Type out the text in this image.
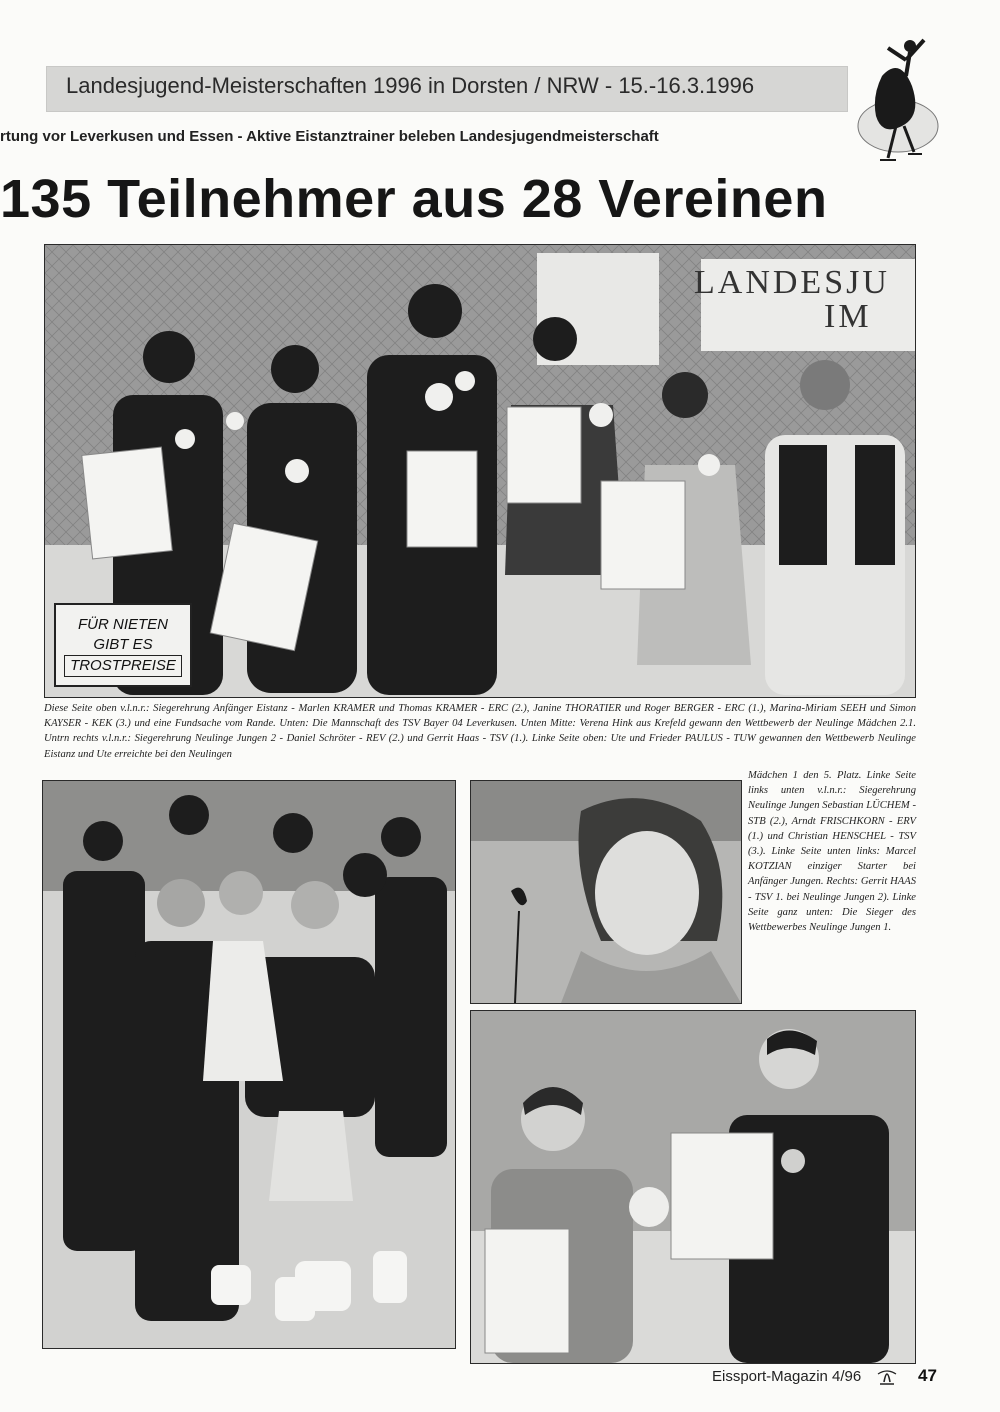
Landesjugend-Meisterschaften 1996 in Dorsten / NRW - 15.-16.3.1996
rtung vor Leverkusen und Essen - Aktive Eistanztrainer beleben Landesjugendmeisterschaft
135 Teilnehmer aus 28 Vereinen
LANDESJU
IM
FÜR NIETEN
GIBT ES
TROSTPREISE
Diese Seite oben v.l.n.r.: Siegerehrung Anfänger Eistanz - Marlen KRAMER und Thomas KRAMER - ERC (2.), Janine THORATIER und Roger BERGER - ERC (1.), Marina-Miriam SEEH und Simon KAYSER - KEK (3.) und eine Fundsache vom Rande. Unten: Die Mannschaft des TSV Bayer 04 Leverkusen. Unten Mitte: Verena Hink aus Krefeld gewann den Wettbewerb der Neulinge Mädchen 2.1. Untrn rechts v.l.n.r.: Siegerehrung Neulinge Jungen 2 - Daniel Schröter - REV (2.) und Gerrit Haas - TSV (1.). Linke Seite oben: Ute und Frieder PAULUS - TUW gewannen den Wettbewerb Neulinge Eistanz und Ute erreichte bei den Neulingen
Mädchen 1 den 5. Platz. Linke Seite links unten v.l.n.r.: Siegerehrung Neulinge Jungen Sebastian LÜCHEM - STB (2.), Arndt FRISCHKORN - ERV (1.) und Christian HENSCHEL - TSV (3.). Linke Seite unten links: Marcel KOTZIAN einziger Starter bei Anfänger Jungen. Rechts: Gerrit HAAS - TSV 1. bei Neulinge Jungen 2). Linke Seite ganz unten: Die Sieger des Wettbewerbes Neulinge Jungen 1.
Eissport-Magazin 4/96	47
